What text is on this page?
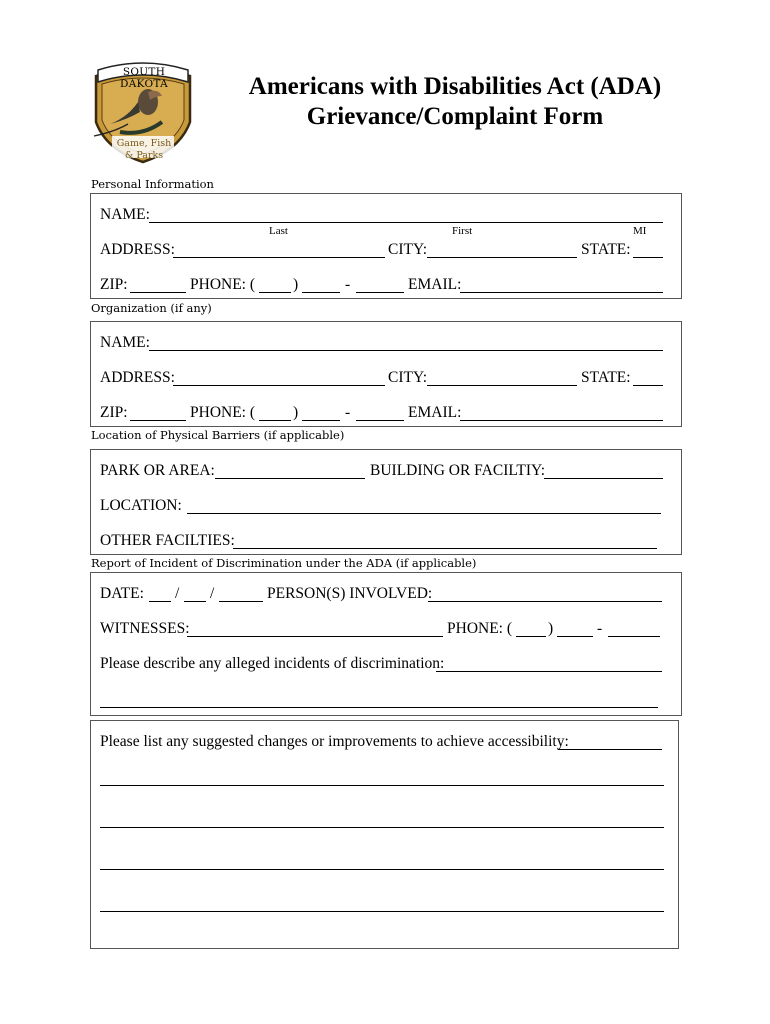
SOUTH DAKOTA
Game, Fish
& Parks
Americans with Disabilities Act (ADA)
Grievance/Complaint Form
Personal Information
NAME:
Last	First	MI
ADDRESS:	CITY:	STATE:
ZIP:	PHONE: ( )	-	EMAIL:
Organization (if any)
NAME:
ADDRESS:	CITY:	STATE:
ZIP:	PHONE: ( )	-	EMAIL:
Location of Physical Barriers (if applicable)
PARK OR AREA:	BUILDING OR FACILTIY:
LOCATION:
OTHER FACILTIES:
Report of Incident of Discrimination under the ADA (if applicable)
DATE: / /	PERSON(S) INVOLVED:
WITNESSES:	PHONE: ( )	-
Please describe any alleged incidents of discrimination:
Please list any suggested changes or improvements to achieve accessibility:
